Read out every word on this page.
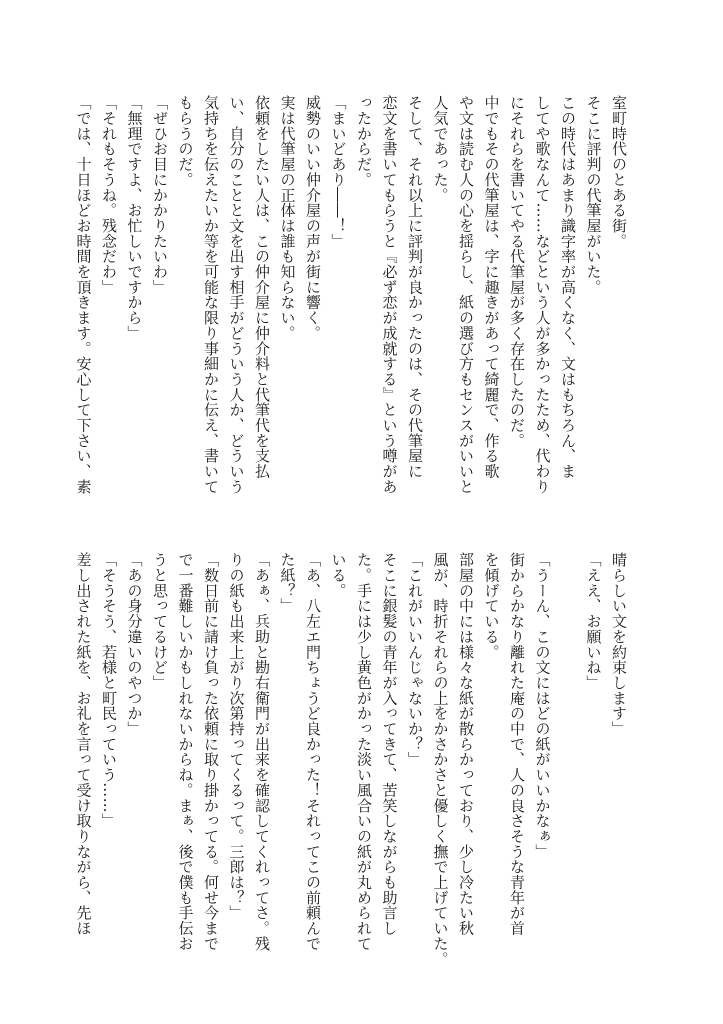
室町時代のとある街。

そこに評判の代筆屋がいた。

この時代はあまり識字率が高くなく、文はもちろん、ま

してや歌なんて……などという人が多かったため、代わり

にそれらを書いてやる代筆屋が多く存在したのだ。

中でもその代筆屋は、字に趣きがあって綺麗で、作る歌

や文は読む人の心を揺らし、紙の選び方もセンスがいいと

人気であった。

そして、それ以上に評判が良かったのは、その代筆屋に

恋文を書いてもらうと『必ず恋が成就する』という噂があ

ったからだ。

「まいどあり――！」

威勢のいい仲介屋の声が街に響く。

実は代筆屋の正体は誰も知らない。

依頼をしたい人は、この仲介屋に仲介料と代筆代を支払

い、自分のことと文を出す相手がどういう人か、どういう

気持ちを伝えたいか等を可能な限り事細かに伝え、書いて

もらうのだ。

「ぜひお目にかかりたいわ」

「無理ですよ、お忙しいですから」

「それもそうね。残念だわ」

「では、十日ほどお時間を頂きます。安心して下さい、素

晴らしい文を約束します」

「ええ、お願いね」

「うーん、この文にはどの紙がいいかなぁ」

街からかなり離れた庵の中で、人の良さそうな青年が首

を傾げている。

部屋の中には様々な紙が散らかっており、少し冷たい秋

風が、時折それらの上をかさかさと優しく撫で上げていた。

「これがいいんじゃないか？」

そこに銀髪の青年が入ってきて、苦笑しながらも助言し

た。手には少し黄色がかった淡い風合いの紙が丸められて

いる。

「あ、八左エ門ちょうど良かった！それってこの前頼んで

た紙？」

「あぁ、兵助と勘右衛門が出来を確認してくれってさ。残

りの紙も出来上がり次第持ってくるって。三郎は？」

「数日前に請け負った依頼に取り掛かってる。何せ今まで

で一番難しいかもしれないからね。まぁ、後で僕も手伝お

うと思ってるけど」

「あの身分違いのやつか」

「そうそう、若様と町民っていう……」

差し出された紙を、お礼を言って受け取りながら、先ほ
